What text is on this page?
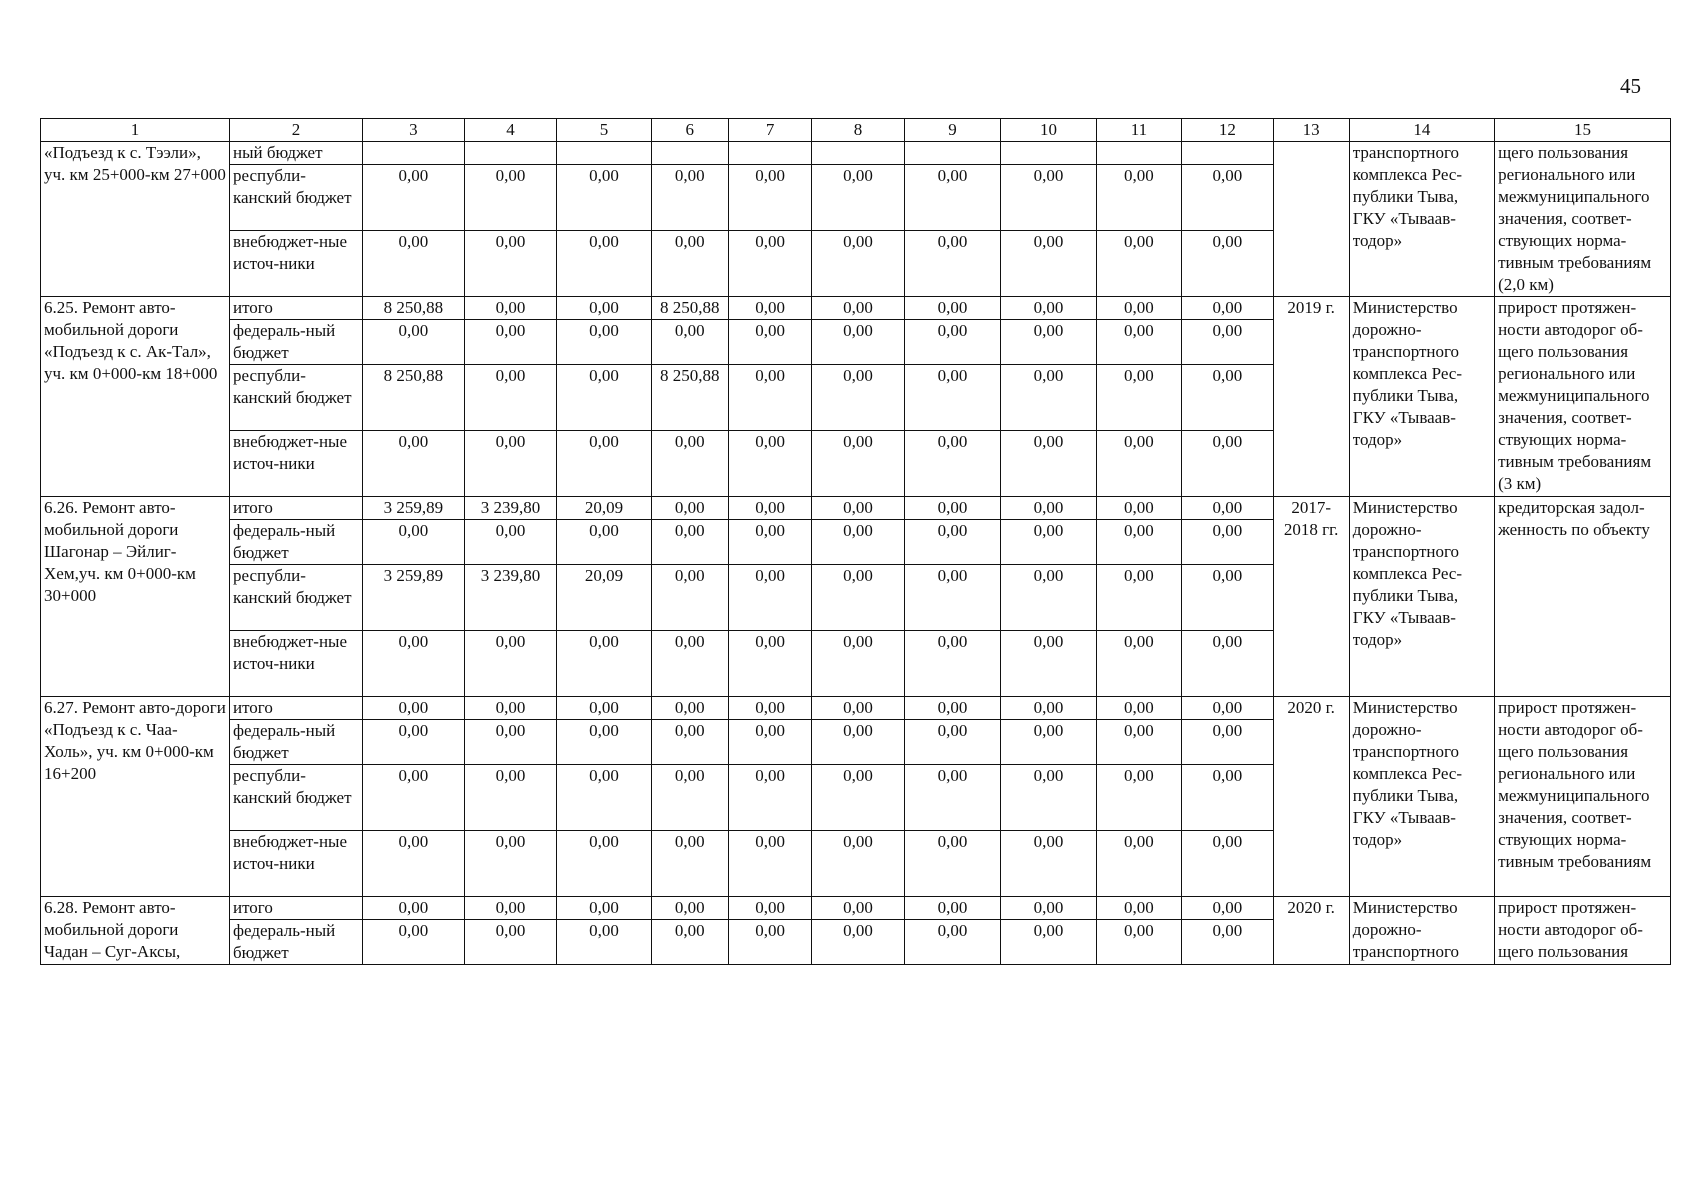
45
1	2	3	4	5	6	7	8	9	10	11	12	13	14	15
«Подъезд к с. Тээли», уч. км 25+000-км 27+000	ный бюджет												транспортного комплекса Рес-публики Тыва, ГКУ «Тываав-тодор»	щего пользования регионального или межмуниципального значения, соответ-ствующих норма-тивным требованиям (2,0 км)
	республи-канский бюджет	0,00	0,00	0,00	0,00	0,00	0,00	0,00	0,00	0,00	0,00			
	внебюджет-ные источ-ники	0,00	0,00	0,00	0,00	0,00	0,00	0,00	0,00	0,00	0,00			
6.25. Ремонт авто-мобильной дороги «Подъезд к с. Ак-Тал», уч. км 0+000-км 18+000	итого	8 250,88	0,00	0,00	8 250,88	0,00	0,00	0,00	0,00	0,00	0,00	2019 г.	Министерство дорожно-транспортного комплекса Рес-публики Тыва, ГКУ «Тываав-тодор»	прирост протяжен-ности автодорог об-щего пользования регионального или межмуниципального значения, соответ-ствующих норма-тивным требованиям (3 км)
	федераль-ный бюджет	0,00	0,00	0,00	0,00	0,00	0,00	0,00	0,00	0,00	0,00			
	республи-канский бюджет	8 250,88	0,00	0,00	8 250,88	0,00	0,00	0,00	0,00	0,00	0,00			
	внебюджет-ные источ-ники	0,00	0,00	0,00	0,00	0,00	0,00	0,00	0,00	0,00	0,00			
6.26. Ремонт авто-мобильной дороги Шагонар – Эйлиг-Хем,уч. км 0+000-км 30+000	итого	3 259,89	3 239,80	20,09	0,00	0,00	0,00	0,00	0,00	0,00	0,00	2017-2018 гг.	Министерство дорожно-транспортного комплекса Рес-публики Тыва, ГКУ «Тываав-тодор»	кредиторская задол-женность по объекту
	федераль-ный бюджет	0,00	0,00	0,00	0,00	0,00	0,00	0,00	0,00	0,00	0,00			
	республи-канский бюджет	3 259,89	3 239,80	20,09	0,00	0,00	0,00	0,00	0,00	0,00	0,00			
	внебюджет-ные источ-ники	0,00	0,00	0,00	0,00	0,00	0,00	0,00	0,00	0,00	0,00			
6.27. Ремонт авто-дороги «Подъезд к с. Чаа-Холь», уч. км 0+000-км 16+200	итого	0,00	0,00	0,00	0,00	0,00	0,00	0,00	0,00	0,00	0,00	2020 г.	Министерство дорожно-транспортного комплекса Рес-публики Тыва, ГКУ «Тываав-тодор»	прирост протяжен-ности автодорог об-щего пользования регионального или межмуниципального значения, соответ-ствующих норма-тивным требованиям
	федераль-ный бюджет	0,00	0,00	0,00	0,00	0,00	0,00	0,00	0,00	0,00	0,00			
	республи-канский бюджет	0,00	0,00	0,00	0,00	0,00	0,00	0,00	0,00	0,00	0,00			
	внебюджет-ные источ-ники	0,00	0,00	0,00	0,00	0,00	0,00	0,00	0,00	0,00	0,00			
6.28. Ремонт авто-мобильной дороги Чадан – Суг-Аксы,	итого	0,00	0,00	0,00	0,00	0,00	0,00	0,00	0,00	0,00	0,00	2020 г.	Министерство дорожно-транспортного	прирост протяжен-ности автодорог об-щего пользования
	федераль-ный бюджет	0,00	0,00	0,00	0,00	0,00	0,00	0,00	0,00	0,00	0,00			
